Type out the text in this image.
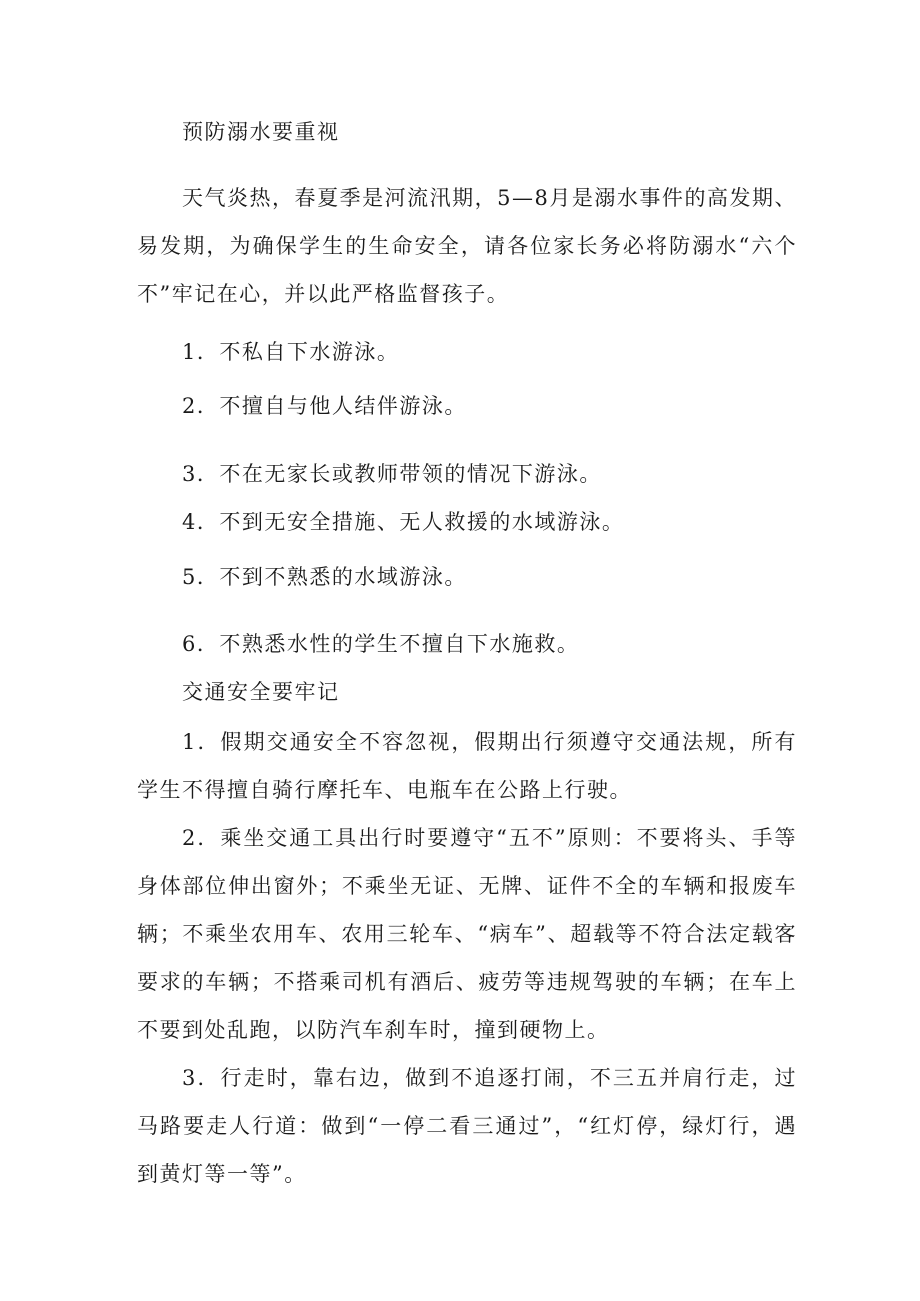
预防溺水要重视
天气炎热，春夏季是河流汛期，5—8月是溺水事件的高发期、易发期，为确保学生的生命安全，请各位家长务必将防溺水“六个不”牢记在心，并以此严格监督孩子。
1．不私自下水游泳。
2．不擅自与他人结伴游泳。
3．不在无家长或教师带领的情况下游泳。
4．不到无安全措施、无人救援的水域游泳。
5．不到不熟悉的水域游泳。
6．不熟悉水性的学生不擅自下水施救。
交通安全要牢记
1．假期交通安全不容忽视，假期出行须遵守交通法规，所有学生不得擅自骑行摩托车、电瓶车在公路上行驶。
2．乘坐交通工具出行时要遵守“五不”原则：不要将头、手等身体部位伸出窗外；不乘坐无证、无牌、证件不全的车辆和报废车辆；不乘坐农用车、农用三轮车、“病车”、超载等不符合法定载客要求的车辆；不搭乘司机有酒后、疲劳等违规驾驶的车辆；在车上不要到处乱跑，以防汽车刹车时，撞到硬物上。
3．行走时，靠右边，做到不追逐打闹，不三五并肩行走，过马路要走人行道：做到“一停二看三通过”，“红灯停，绿灯行，遇到黄灯等一等”。
